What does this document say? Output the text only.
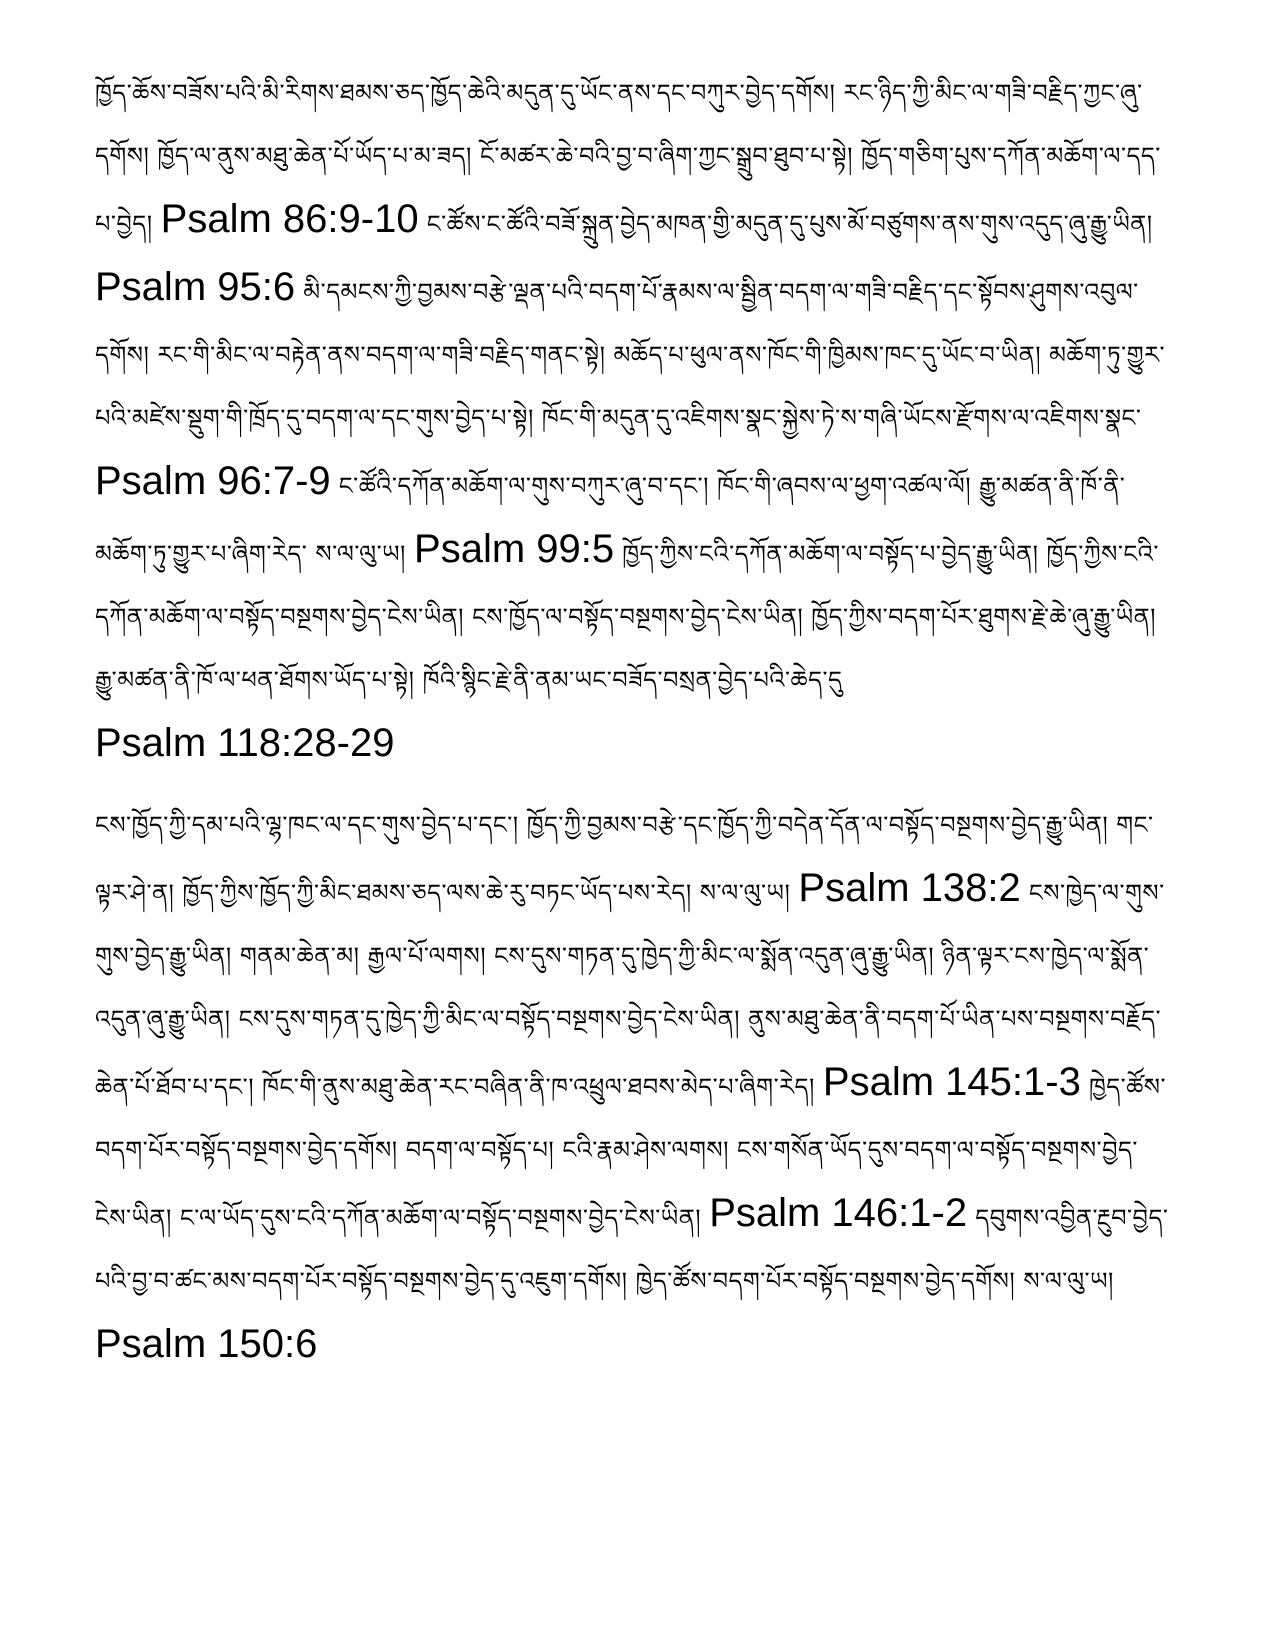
ཁྱོད་ཆོས་བཟོས་པའི་མི་རིགས་ཐམས་ཅད་ཁྱོད་ཆེའི་མདུན་དུ་ཡོང་ནས་དང་བཀུར་བྱེད་དགོས། རང་ཉིད་ཀྱི་མིང་ལ་གཟི་བརྗིད་ཀྱང་ཞུ་དགོས། ཁྱོད་ལ་ནུས་མཐུ་ཆེན་པོ་ཡོད་པ་མ་ཟད། ངོ་མཚར་ཆེ་བའི་བྱ་བ་ཞིག་ཀྱང་སྒྲུབ་ཐུབ་པ་སྟེ། ཁྱོད་གཅིག་པུས་དཀོན་མཆོག་ལ་དད་པ་བྱེད། Psalm 86:9-10 ང་ཚོས་ང་ཚོའི་བཟོ་སྐྲུན་བྱེད་མཁན་གྱི་མདུན་དུ་པུས་མོ་བཙུགས་ནས་གུས་འདུད་ཞུ་རྒྱུ་ཡིན། Psalm 95:6 མི་དམངས་ཀྱི་བྱམས་བརྩེ་ལྡན་པའི་བདག་པོ་རྣམས་ལ་སྦྱིན་བདག་ལ་གཟི་བརྗིད་དང་སྟོབས་ཤུགས་འབུལ་དགོས། རང་གི་མིང་ལ་བརྟེན་ནས་བདག་ལ་གཟི་བརྗིད་གནང་སྟེ། མཆོད་པ་ཕུལ་ནས་ཁོང་གི་ཁྱིམས་ཁང་དུ་ཡོང་བ་ཡིན། མཆོག་ཏུ་གྱུར་པའི་མཛེས་སྡུག་གི་ཁྲོད་དུ་བདག་ལ་དང་གུས་བྱེད་པ་སྟེ། ཁོང་གི་མདུན་དུ་འཇིགས་སྣང་སྐྱེས་ཏེ་ས་གཞི་ཡོངས་རྫོགས་ལ་འཇིགས་སྣང་ Psalm 96:7-9 ང་ཚོའི་དཀོན་མཆོག་ལ་གུས་བཀུར་ཞུ་བ་དང་། ཁོང་གི་ཞབས་ལ་ཕྱག་འཚལ་ལོ། རྒྱུ་མཚན་ནི་ཁོ་ནི་མཆོག་ཏུ་གྱུར་པ་ཞིག་རེད་ ས་ལ་ལུ་ཡ། Psalm 99:5 ཁྱོད་ཀྱིས་ངའི་དཀོན་མཆོག་ལ་བསྟོད་པ་བྱེད་རྒྱུ་ཡིན། ཁྱོད་ཀྱིས་ངའི་དཀོན་མཆོག་ལ་བསྟོད་བསྔགས་བྱེད་ངེས་ཡིན། ངས་ཁྱོད་ལ་བསྟོད་བསྔགས་བྱེད་ངེས་ཡིན། ཁྱོད་ཀྱིས་བདག་པོར་ཐུགས་རྗེ་ཆེ་ཞུ་རྒྱུ་ཡིན། རྒྱུ་མཚན་ནི་ཁོ་ལ་ཕན་ཐོགས་ཡོད་པ་སྟེ། ཁོའི་སྙིང་རྗེ་ནི་ནམ་ཡང་བཟོད་བསྲན་བྱེད་པའི་ཆེད་དུ
Psalm 118:28-29

ངས་ཁྱོད་ཀྱི་དམ་པའི་ལྷ་ཁང་ལ་དང་གུས་བྱེད་པ་དང་། ཁྱོད་ཀྱི་བྱམས་བརྩེ་དང་ཁྱོད་ཀྱི་བདེན་དོན་ལ་བསྟོད་བསྔགས་བྱེད་རྒྱུ་ཡིན། གང་ལྟར་ཤེ་ན། ཁྱོད་ཀྱིས་ཁྱོད་ཀྱི་མིང་ཐམས་ཅད་ལས་ཆེ་རུ་བཏང་ཡོད་པས་རེད། ས་ལ་ལུ་ཡ། Psalm 138:2 ངས་ཁྱེད་ལ་གུས་གུས་བྱེད་རྒྱུ་ཡིན། གནམ་ཆེན་མ། རྒྱལ་པོ་ལགས། ངས་དུས་གཏན་དུ་ཁྱེད་ཀྱི་མིང་ལ་སྨོན་འདུན་ཞུ་རྒྱུ་ཡིན། ཉིན་ལྟར་ངས་ཁྱེད་ལ་སྨོན་འདུན་ཞུ་རྒྱུ་ཡིན། ངས་དུས་གཏན་དུ་ཁྱེད་ཀྱི་མིང་ལ་བསྟོད་བསྔགས་བྱེད་ངེས་ཡིན། ནུས་མཐུ་ཆེན་ནི་བདག་པོ་ཡིན་པས་བསྔགས་བརྗོད་ཆེན་པོ་ཐོབ་པ་དང་། ཁོང་གི་ནུས་མཐུ་ཆེན་རང་བཞིན་ནི་ཁ་འཕྲུལ་ཐབས་མེད་པ་ཞིག་རེད། Psalm 145:1-3 ཁྱེད་ཚོས་བདག་པོར་བསྟོད་བསྔགས་བྱེད་དགོས། བདག་ལ་བསྟོད་པ། ངའི་རྣམ་ཤེས་ལགས། ངས་གསོན་ཡོད་དུས་བདག་ལ་བསྟོད་བསྔགས་བྱེད་ངེས་ཡིན། ང་ལ་ཡོད་དུས་ངའི་དཀོན་མཆོག་ལ་བསྟོད་བསྔགས་བྱེད་ངེས་ཡིན། Psalm 146:1-2 དབུགས་འབྱིན་རྔུབ་བྱེད་པའི་བྱ་བ་ཚང་མས་བདག་པོར་བསྟོད་བསྔགས་བྱེད་དུ་འཇུག་དགོས། ཁྱེད་ཚོས་བདག་པོར་བསྟོད་བསྔགས་བྱེད་དགོས། ས་ལ་ལུ་ཡ།Psalm 150:6
